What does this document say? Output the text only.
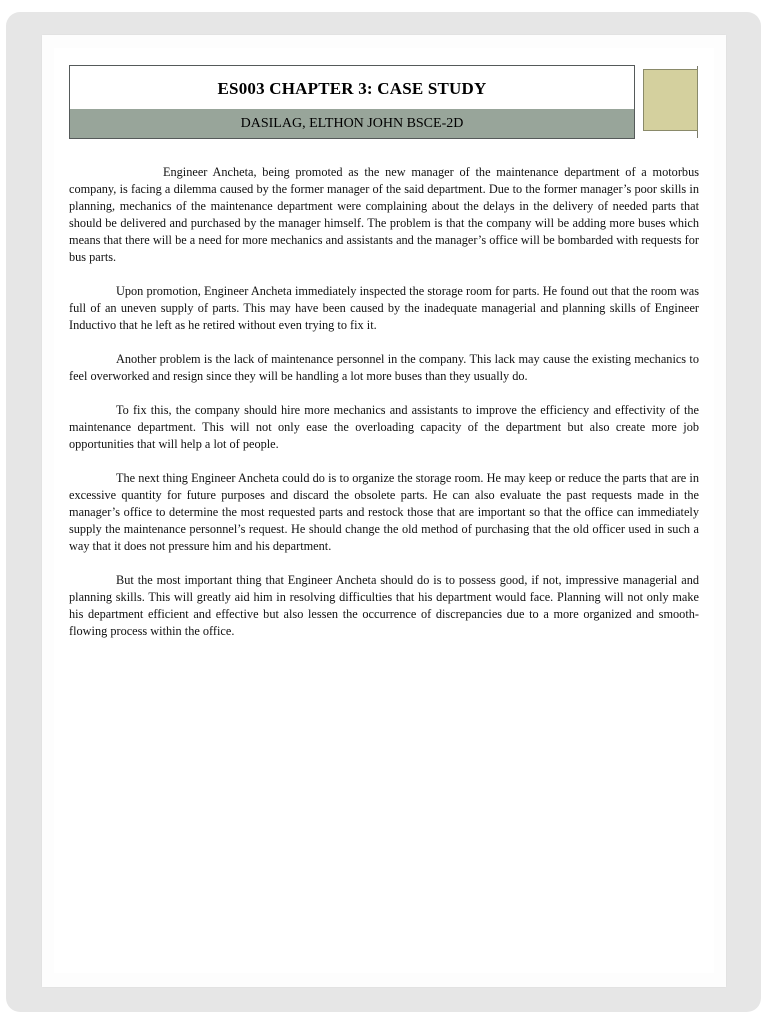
ES003 CHAPTER 3: CASE STUDY
DASILAG, ELTHON JOHN BSCE-2D

Engineer Ancheta, being promoted as the new manager of the maintenance department of a motorbus company, is facing a dilemma caused by the former manager of the said department. Due to the former manager’s poor skills in planning, mechanics of the maintenance department were complaining about the delays in the delivery of needed parts that should be delivered and purchased by the manager himself. The problem is that the company will be adding more buses which means that there will be a need for more mechanics and assistants and the manager’s office will be bombarded with requests for bus parts.

Upon promotion, Engineer Ancheta immediately inspected the storage room for parts. He found out that the room was full of an uneven supply of parts. This may have been caused by the inadequate managerial and planning skills of Engineer Inductivo that he left as he retired without even trying to fix it.

Another problem is the lack of maintenance personnel in the company. This lack may cause the existing mechanics to feel overworked and resign since they will be handling a lot more buses than they usually do.

To fix this, the company should hire more mechanics and assistants to improve the efficiency and effectivity of the maintenance department. This will not only ease the overloading capacity of the department but also create more job opportunities that will help a lot of people.

The next thing Engineer Ancheta could do is to organize the storage room. He may keep or reduce the parts that are in excessive quantity for future purposes and discard the obsolete parts. He can also evaluate the past requests made in the manager’s office to determine the most requested parts and restock those that are important so that the office can immediately supply the maintenance personnel’s request. He should change the old method of purchasing that the old officer used in such a way that it does not pressure him and his department.

But the most important thing that Engineer Ancheta should do is to possess good, if not, impressive managerial and planning skills. This will greatly aid him in resolving difficulties that his department would face. Planning will not only make his department efficient and effective but also lessen the occurrence of discrepancies due to a more organized and smooth-flowing process within the office.
